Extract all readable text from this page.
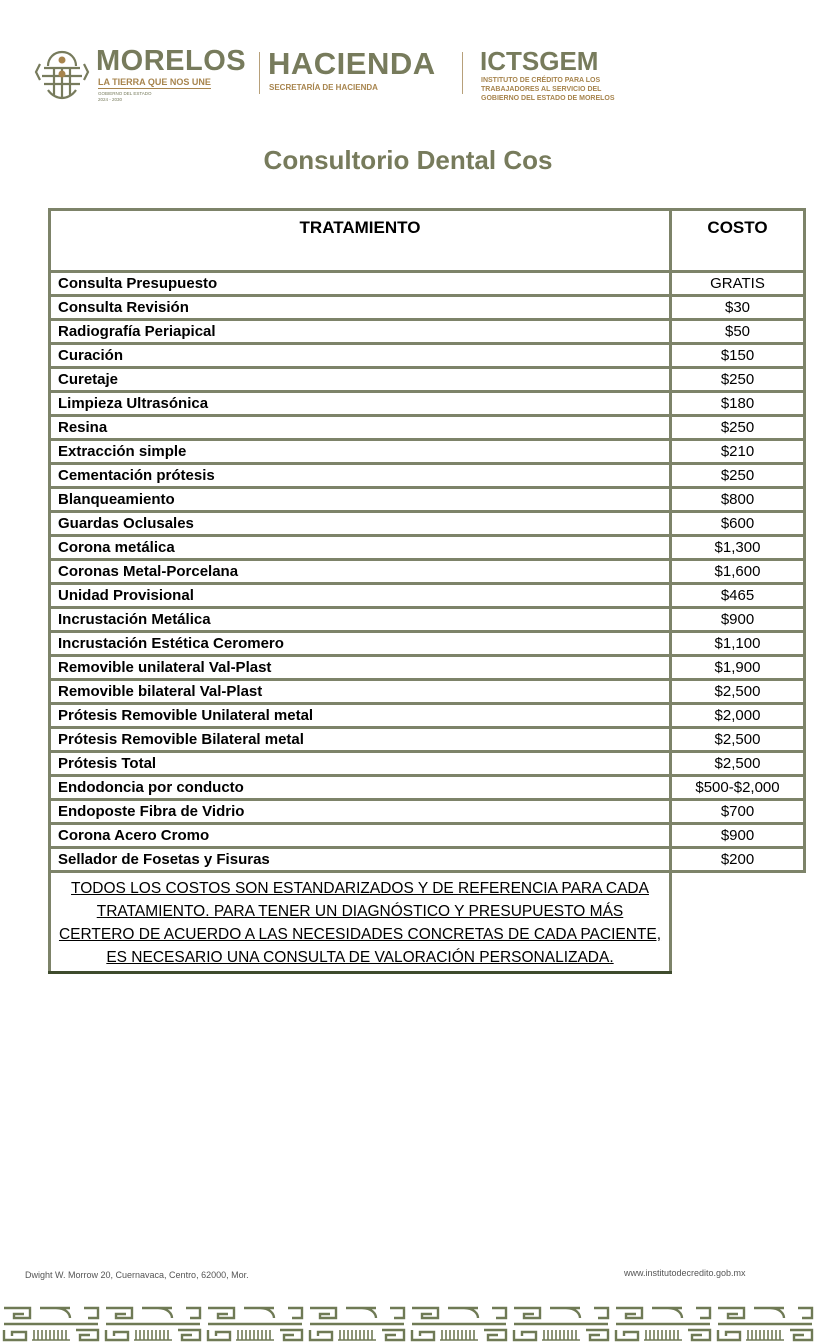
MORELOS
LA TIERRA QUE NOS UNE
GOBIERNO DEL ESTADO
2024 - 2030
HACIENDA
SECRETARÍA DE HACIENDA
ICTSGEM
INSTITUTO DE CRÉDITO PARA LOS
TRABAJADORES AL SERVICIO DEL
GOBIERNO DEL ESTADO DE MORELOS
Consultorio Dental Cos
TRATAMIENTO	COSTO
Consulta Presupuesto	GRATIS
Consulta Revisión	$30
Radiografía Periapical	$50
Curación	$150
Curetaje	$250
Limpieza Ultrasónica	$180
Resina	$250
Extracción simple	$210
Cementación prótesis	$250
Blanqueamiento	$800
Guardas Oclusales	$600
Corona metálica	$1,300
Coronas Metal-Porcelana	$1,600
Unidad Provisional	$465
Incrustación Metálica	$900
Incrustación Estética Ceromero	$1,100
Removible unilateral Val-Plast	$1,900
Removible bilateral Val-Plast	$2,500
Prótesis Removible Unilateral metal	$2,000
Prótesis Removible Bilateral metal	$2,500
Prótesis Total	$2,500
Endodoncia por conducto	$500-$2,000
Endoposte Fibra de Vidrio	$700
Corona Acero Cromo	$900
Sellador de Fosetas y Fisuras	$200

TODOS LOS COSTOS SON ESTANDARIZADOS Y DE REFERENCIA PARA CADA
TRATAMIENTO. PARA TENER UN DIAGNÓSTICO Y PRESUPUESTO MÁS
CERTERO DE ACUERDO A LAS NECESIDADES CONCRETAS DE CADA PACIENTE,
ES NECESARIO UNA CONSULTA DE VALORACIÓN PERSONALIZADA.	

Dwight W. Morrow 20, Cuernavaca, Centro, 62000, Mor.	www.institutodecredito.gob.mx
